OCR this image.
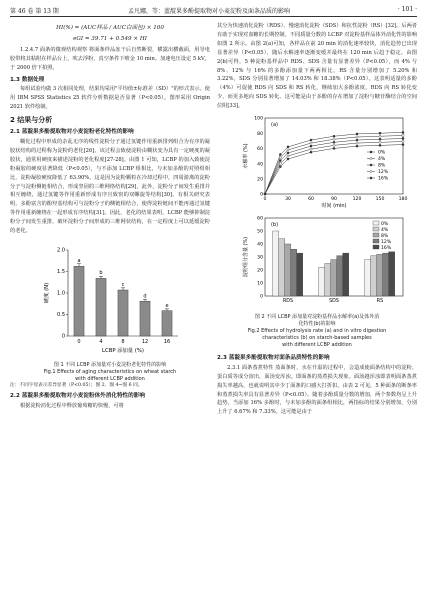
第 46 卷 第 13 期	孟凡娜，等：蓝靛果多酚提取物对小麦淀粉及面条品质的影响	· 101 ·

HI(%) = (AUC样品 / AUC白面包) × 100

eGI = 39.71 + 0.549 × HI

1.2.4.7 面条的微观结构观察 将面条样品冻干后自然断裂，横露出横截面，用导电胶带将其粘附在样品台上，吹去浮粉，真空条件下喷金 10 min。加速电压设定 5 kV，于 2000 倍下拍照。

1.3 数据处理

每组试验均做 3 次相同处理，结果均采用"平均值±标准差（SD）"的形式表示。使用 IBM SPSS Statistics 25 软件分析数据是否显著（P<0.05）。图形采用 Origin 2021 软件绘制。

2 结果与分析
2.1 蓝靛果多酚提取物对小麦淀粉老化特性的影响

糊化过程中形成的杂乱无序的线性淀粉分子通过氢键作用重新排列组合为有序的凝胶状结构的过程称为淀粉的老化[26]。该过程会致使淀粉由糊状变为具有一定硬度的凝胶状，通常用硬度来描述淀粉的老化程度[27-28]。由图 1 可知，LCBP 的加入致使淀粉凝胶的硬度显著降低（P<0.05），与不添加 LCBP 组相比，与未加多酚的对照组相比，淀粉凝胶硬度降低了 63.90%。这是因为淀粉颗粒在冷却过程中，四周游离的淀粉分子与淀粉侧链相结合，形成坚固的三维网络结构[29]，此外，淀粉分子间发生重排并相互缠绕，通过氢键等作用重新形成有序且致密的双螺旋等结构[30]。有相关研究表明，多酚富含的酚羟基结构可与淀粉分子的侧链相结合，使得淀粉链间不能再通过氢键等作用重新缠绕在一起形成有序结构[31]。因此，老化的结果表明，LCBP 能够抑制淀粉分子间发生重排，破坏淀粉分子间形成的三维网状结构，在一定程度上可以延缓淀粉的老化。

0
0.5
1.0
1.5
2.0
a
0
b
4
c
8
d
12
e
16
LCBP 添加量 (%)
硬度 (N)
图 1 不同 LCBP 添加量对小麦淀粉老化特性的影响
Fig.1 Effects of aging characteristics on wheat starch
with different LCBP addition

注：不同字母表示差异显著（P<0.05）；图 2、图 4~图 6 同。

2.2 蓝靛果多酚提取物对小麦淀粉体外消化特性的影响

根据淀粉消化过程中释放葡萄糖的快慢，可将

其分为快速消化淀粉（RDS）、慢速消化淀粉（SDS）和抗性淀粉（RS）[32]。后两者有助于实现对血糖的长期控制。不同质量分数的 LCBP 对淀粉基样品体外消化性的影响如图 2 所示。由图 2(a)可知，各样品在前 20 min 的消化速率较快，消化趋势已出现显著差异（P<0.05），随后水解速率逐渐变缓并最终在 120 min 后趋于稳定。由图 2(b)可得，5 种淀粉基样品中 RDS、SDS 含量有显著差异（P<0.05），而 4% 与 8%、12% 与 16% 的多酚添加量下两两相比，RS 含量分别增加了 5.20% 和 3.22%，SDS 分别显著增加了 14.03% 和 18.38%（P<0.05）。这表明适量的多酚（4%）可促使 RDS 向 SDS 和 RS 转化，继续加大多酚浓度，RDS 向 RS 转化变少，而更多地向 SDS 转化。这可能是由于多酚的存在增加了淀粉与糖苷酶结合的空间位阻[33]。

0
20
40
60
80
100
0	30	60	90	120	150	180
0%
4%
8%
12%
16%
(a)
时间 (min)
水解率 (%)

0
10
20
30
40
50
60
RDS	SDS	RS
0%
4%
8%
12%
16%
(b)
淀粉组分含量 (%)
图 2 不同 LCBP 添加量对淀粉基样品水解率(a)及体外消
化特性(b)的影响
Fig.2 Effects of hydrolysis rate (a) and in vitro digestion
characteristics (b) on starch-based samples
with different LCBP addition
2.3 蓝靛果多酚提取物对面条品质特性的影响

2.3.1 面条蒸煮特性 蒸面条时，水在升温的过程中，会造成使面条结构中的淀粉、蛋白质等成分溶出，面汤变浑浊。即面条的蒸煮损失现象。面汤越浑浊即表明面条蒸煮损失率越高，也就说明其中少丁面条的口感大打折扣。由表 2 可见，5 种面条的断条率和蒸煮损失率具有显著差异（P<0.05）。随着多酚质量分数的增加，两个参数均呈上升趋势，当添加 16% 多酚时，与未加多酚的面条组相比，两指标的结果分别增加，分别上升了 6.67% 和 7.33%。这可能是由于
